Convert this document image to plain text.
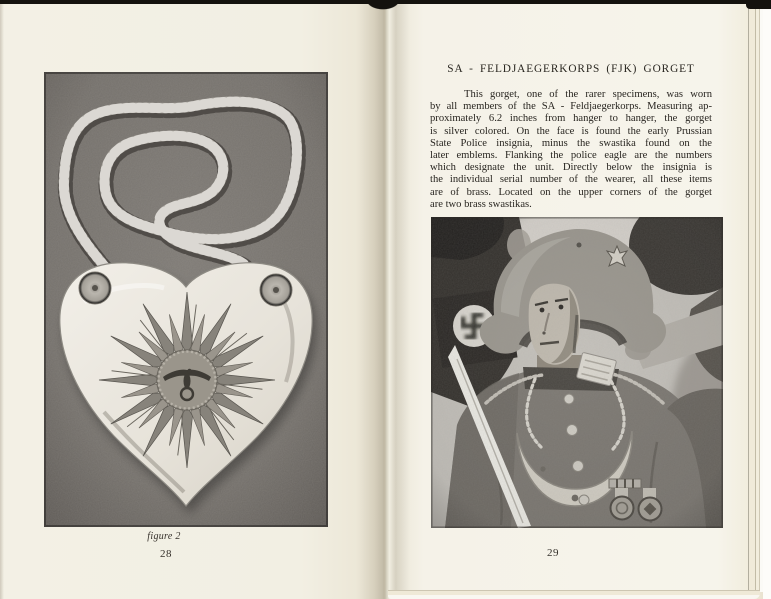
figure 2
28
SA - FELDJAEGERKORPS (FJK) GORGET
This gorget, one of the rarer specimens, was worn
by all members of the SA - Feldjaegerkorps. Measuring ap-
proximately 6.2 inches from hanger to hanger, the gorget
is silver colored. On the face is found the early Prussian
State Police insignia, minus the swastika found on the
later emblems. Flanking the police eagle are the numbers
which designate the unit. Directly below the insignia is
the individual serial number of the wearer, all these items
are of brass. Located on the upper corners of the gorget
are two brass swastikas.
29
